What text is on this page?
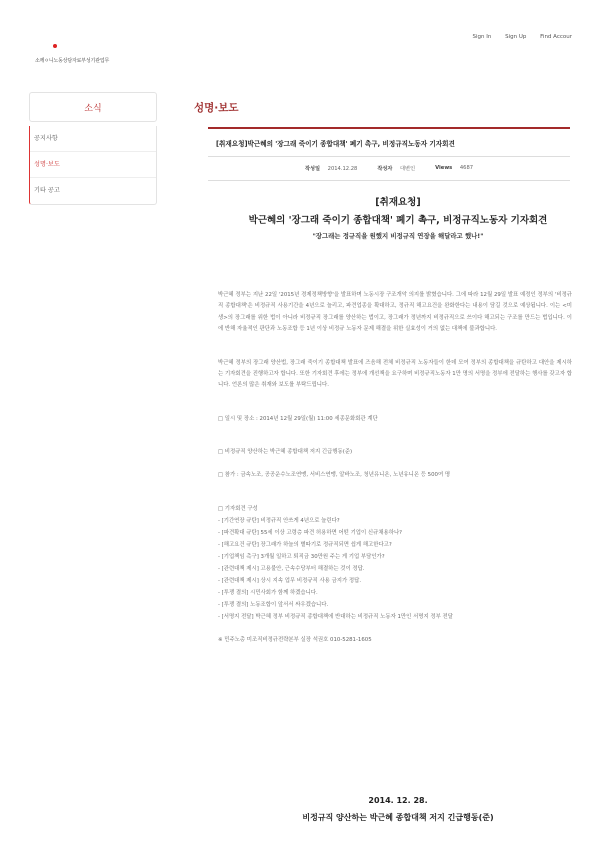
Sign In	Sign Up	Find Accour
소께ㅇ니노동상담자료부성기관업무
소식
공지사항
성명·보도
기타 공고
성명·보도
[취재요청]박근혜의 '장그래 죽이기 종합대책' 폐기 촉구, 비정규직노동자 기자회견
작성일 2014.12.28	작성자 대변인	Views 4687
[취재요청]
박근혜의 '장그래 죽이기 종합대책' 폐기 촉구, 비정규직노동자 기자회견
"장그래는 정규직을 원했지 비정규직 연장을 해달라고 했나!"

박근혜 정부는 지난 22일 '2015년 경제정책방향'을 발표하며 노동시장 구조개악 의지를 밝혔습니다. 그에 따라 12월 29일 발표 예정인 정부의 '비정규직 종합대책'은 비정규직 사용기간을 4년으로 늘리고, 파견업종을 확대하고, 정규직 해고요건을 완화한다는 내용이 담길 것으로 예상됩니다. 이는 <미생>의 장그래를 위한 법이 아니라 비정규직 장그래를 양산하는 법이고, 장그래가 정년까지 비정규직으로 쓰이다 해고되는 구조를 만드는 법입니다. 이에 반해 자율적인 판단과 노동조합 등 1년 이상 비정규 노동자 문제 해결을 위한 실효성이 거의 없는 대책에 불과합니다.

박근혜 정부의 장그래 양산법, 장그래 죽이기 종합대책 발표에 즈음해 전체 비정규직 노동자들이 한데 모여 정부의 종합대책을 규탄하고 대안을 제시하는 기자회견을 진행하고자 합니다. 또한 기자회견 후에는 정부에 개선책을 요구하며 비정규직노동자 1만 명의 서명을 정부에 전달하는 행사를 갖고자 합니다. 언론의 많은 취재와 보도를 부탁드립니다.

□ 일시 및 장소 : 2014년 12월 29일(월) 11:00 세종문화회관 계단

□ 비정규직 양산하는 박근혜 종합대책 저지 긴급행동(준)

□ 참가 : 금속노조, 공공운수노조연맹, 서비스연맹, 알바노조, 청년유니온, 노년유니온 등 500여 명

□ 기자회견 구성
- [기간연장 규탄] 비정규직 안쓰게 4년으로 늘린다?
- [파견확대 규탄] 55세 이상 고령층 파견 허용하면 어떤 기업이 신규채용하나?
- [해고요건 규탄] 장그래가 하늘의 별따기로 정규직되면 쉽게 해고한다고?
- [기업책임 촉구] 3개월 일하고 퇴직금 30만원 주는 게 기업 부담인가?
- [관련대책 제시] 고용불안, 근속수당부터 해결하는 것이 정답.
- [관련대책 제시] 상시 지속 업무 비정규직 사용 금지가 정답.
- [투쟁 결의] 시민사회가 함께 하겠습니다.
- [투쟁 결의] 노동조합이 앞서서 싸우겠습니다.
- [서명지 전달] 박근혜 정부 비정규직 종합대책에 반대하는 비정규직 노동자 1만인 서명지 정부 전달

※ 민주노총 미조직비정규전략본부 실장 석권호 010-5281-1605

2014. 12. 28.
비정규직 양산하는 박근혜 종합대책 저지 긴급행동(준)
